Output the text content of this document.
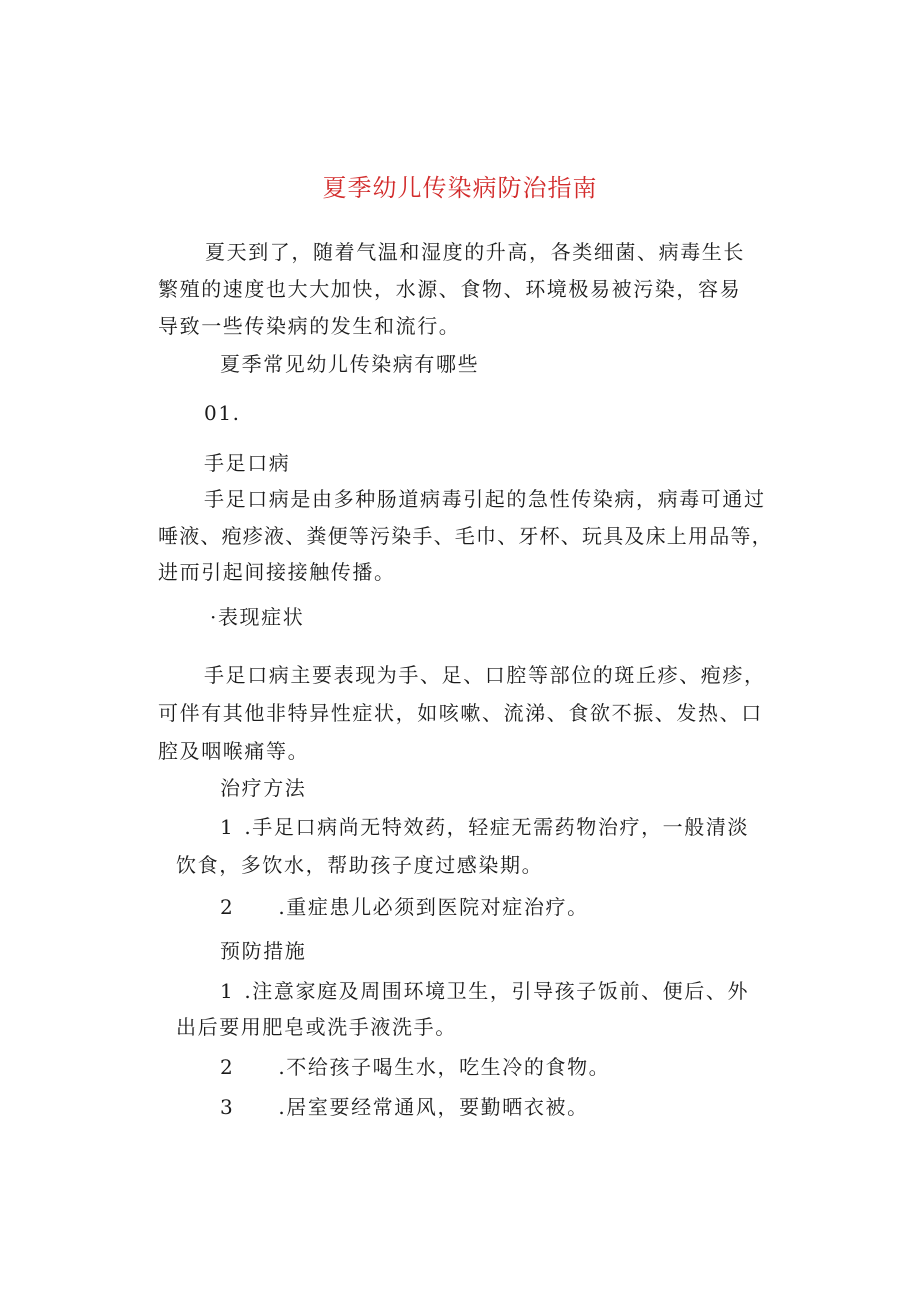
夏季幼儿传染病防治指南
夏天到了，随着气温和湿度的升高，各类细菌、病毒生长
繁殖的速度也大大加快，水源、食物、环境极易被污染，容易
导致一些传染病的发生和流行。
夏季常见幼儿传染病有哪些
01.
手足口病
手足口病是由多种肠道病毒引起的急性传染病，病毒可通过
唾液、疱疹液、粪便等污染手、毛巾、牙杯、玩具及床上用品等，
进而引起间接接触传播。
·表现症状
手足口病主要表现为手、足、口腔等部位的斑丘疹、疱疹，
可伴有其他非特异性症状，如咳嗽、流涕、食欲不振、发热、口
腔及咽喉痛等。
治疗方法
1 .手足口病尚无特效药，轻症无需药物治疗，一般清淡
饮食，多饮水，帮助孩子度过感染期。
2 .重症患儿必须到医院对症治疗。
预防措施
1 .注意家庭及周围环境卫生，引导孩子饭前、便后、外
出后要用肥皂或洗手液洗手。
2 .不给孩子喝生水，吃生冷的食物。
3 .居室要经常通风，要勤晒衣被。
